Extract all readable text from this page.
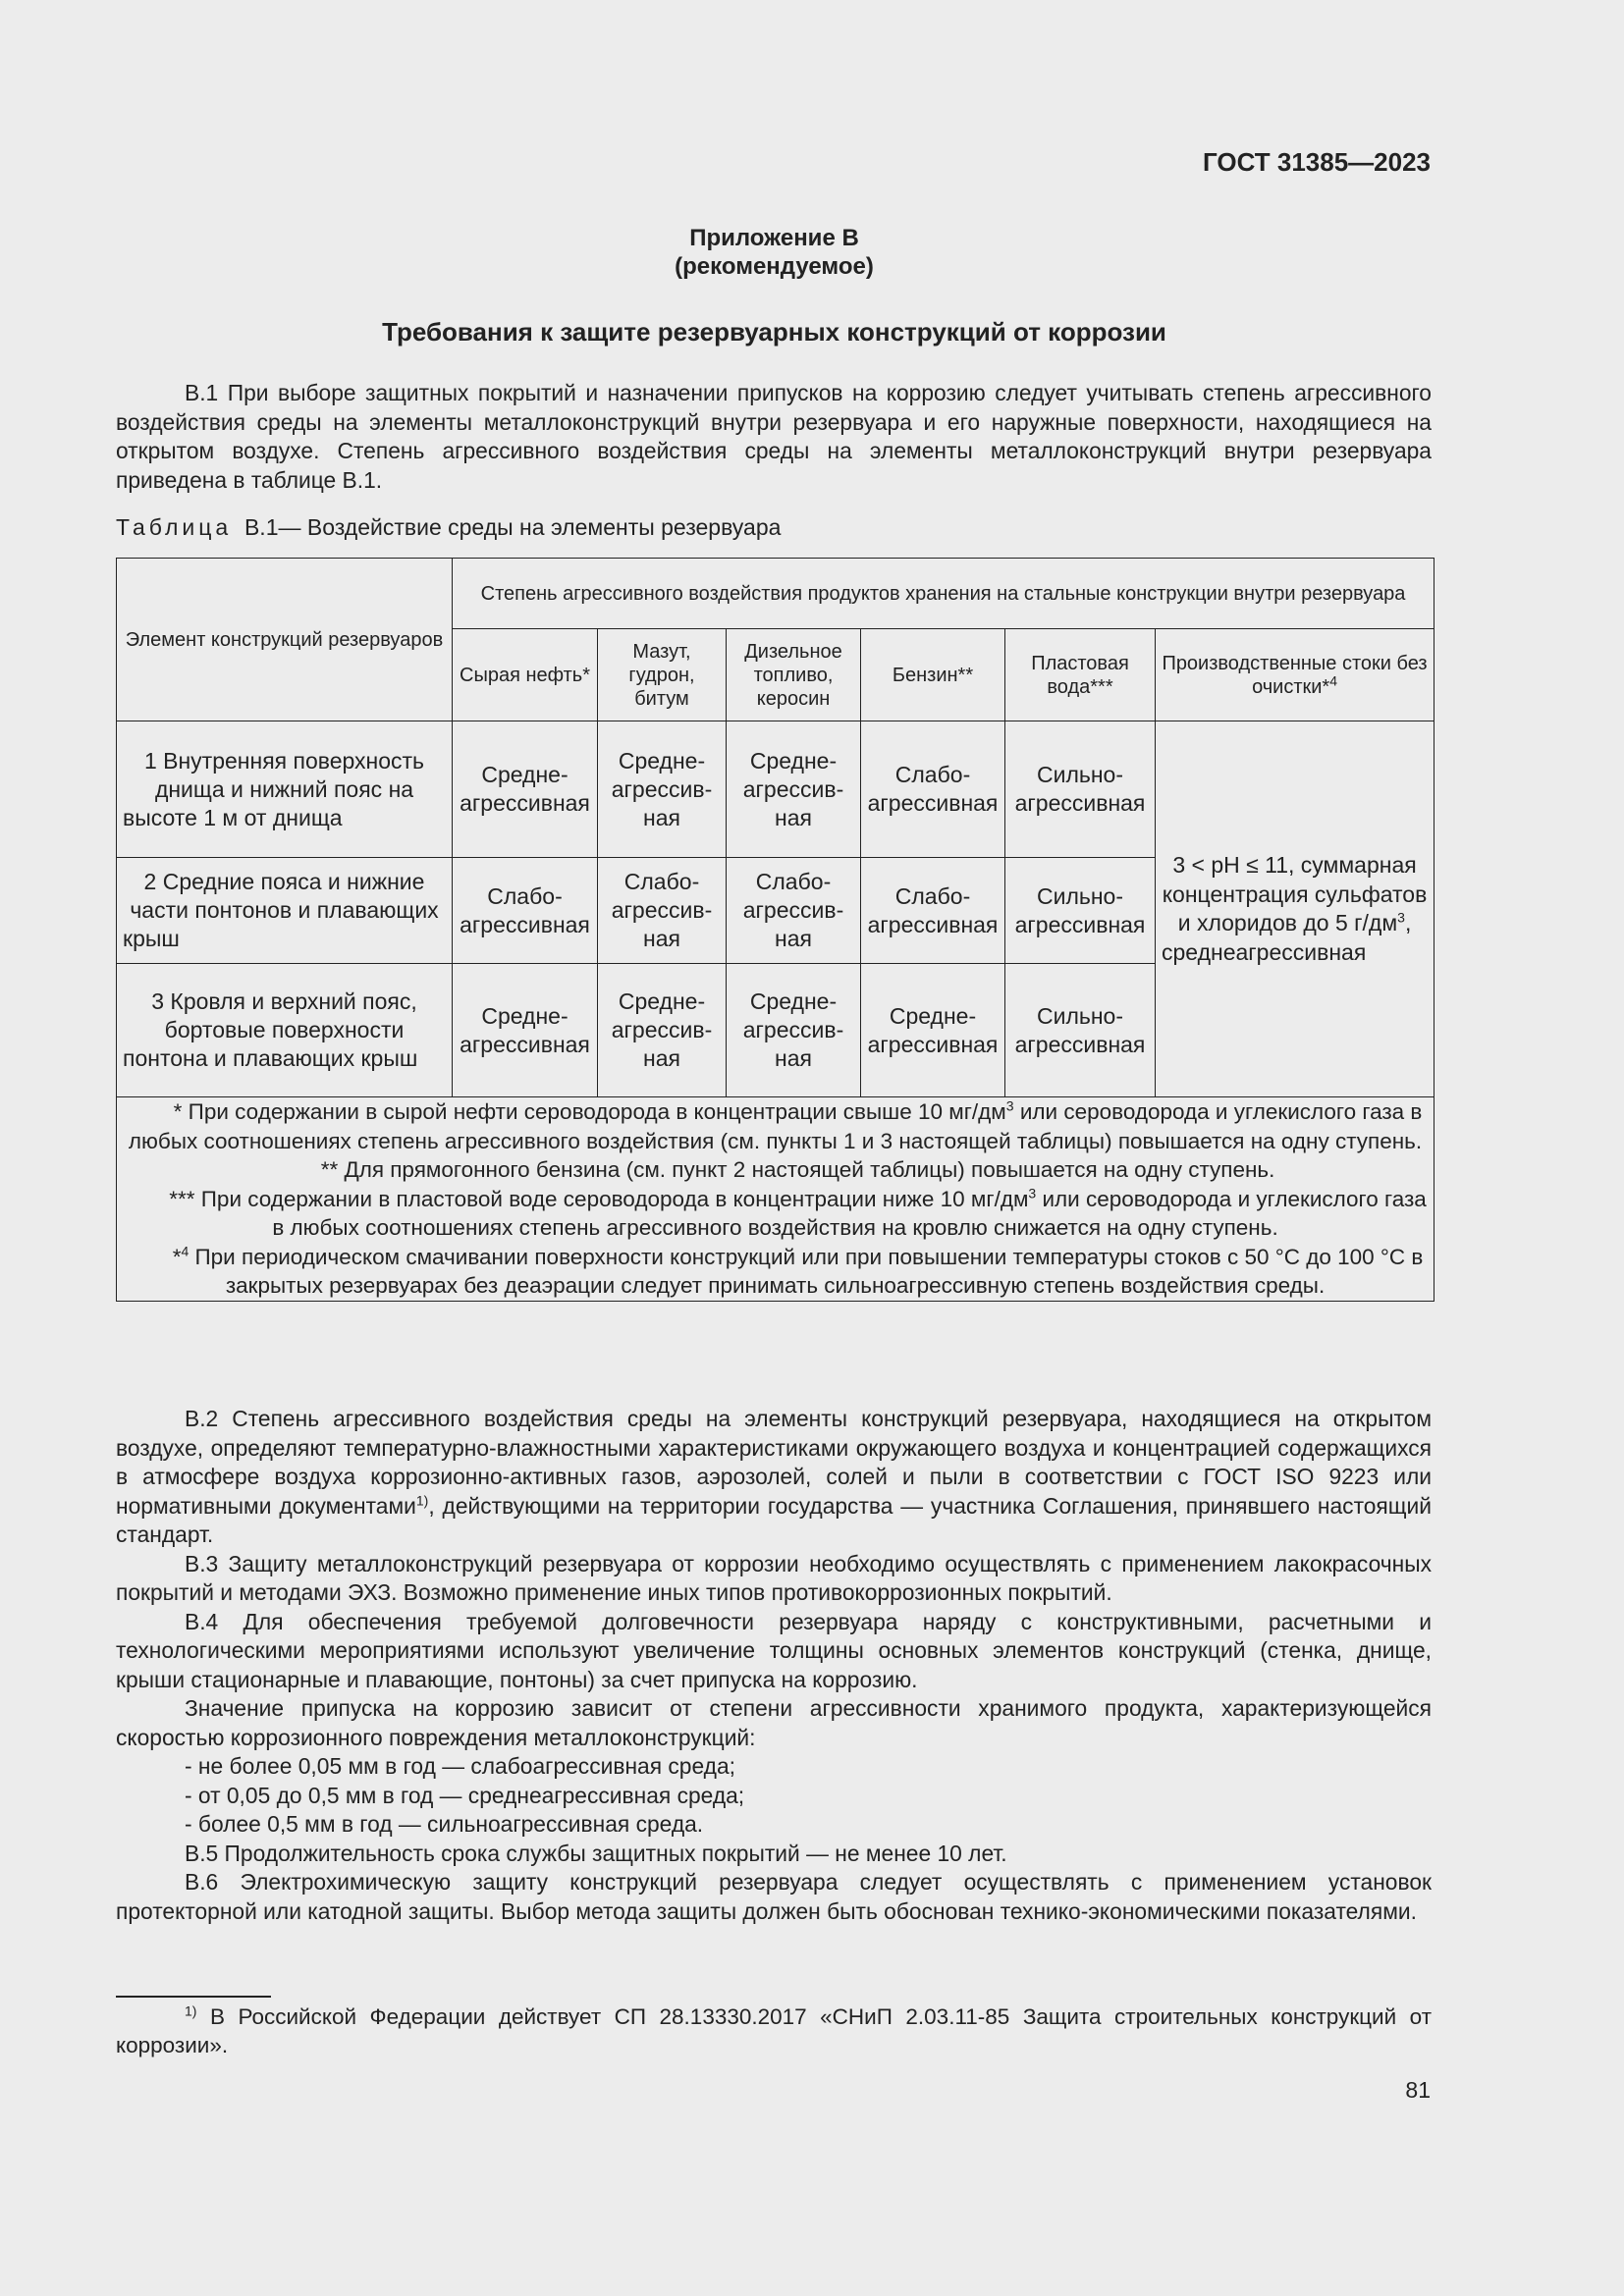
ГОСТ 31385—2023
Приложение В
(рекомендуемое)
Требования к защите резервуарных конструкций от коррозии

В.1 При выборе защитных покрытий и назначении припусков на коррозию следует учитывать степень агрессивного воздействия среды на элементы металлоконструкций внутри резервуара и его наружные поверхности, находящиеся на открытом воздухе. Степень агрессивного воздействия среды на элементы металлоконструкций внутри резервуара приведена в таблице В.1.

Таблица В.1— Воздействие среды на элементы резервуара
Элемент конструкций резервуаров	Степень агрессивного воздействия продуктов хранения на стальные конструкции внутри резервуара					
	Сырая нефть*	Мазут, гудрон, битум	Дизельное топливо, керосин	Бензин**	Пластовая вода***	Производственные стоки без очистки*$^4$
1 Внутренняя поверхность днища и нижний пояс на высоте 1 м от днища	Среднеагрессивная	Среднеагрессивная	Среднеагрессивная	Слабоагрессивная	Сильноагрессивная	3 < pH ≤ 11, суммарная концентрация сульфатов и хлоридов до 5 $г/дм^3$, среднеагрессивная
2 Средние пояса и нижние части понтонов и плавающих крыш	Слабоагрессивная	Слабоагрессивная	Слабоагрессивная	Слабоагрессивная	Сильноагрессивная	
3 Кровля и верхний пояс, бортовые поверхности понтона и плавающих крыш	Среднеагрессивная	Среднеагрессивная	Среднеагрессивная	Среднеагрессивная	Сильноагрессивная	

* При содержании в сырой нефти сероводорода в концентрации свыше 10 $мг/дм^3$ или сероводорода и углекислого газа в любых соотношениях степень агрессивного воздействия (см. пункты 1 и 3 настоящей таблицы) повышается на одну ступень.

** Для прямогонного бензина (см. пункт 2 настоящей таблицы) повышается на одну ступень.

*** При содержании в пластовой воде сероводорода в концентрации ниже 10 $мг/дм^3$ или сероводорода и углекислого газа в любых соотношениях степень агрессивного воздействия на кровлю снижается на одну ступень.

*$^4$ При периодическом смачивании поверхности конструкций или при повышении температуры стоков с 50 °С до 100 °С в закрытых резервуарах без деаэрации следует принимать сильноагрессивную степень воздействия среды.						

В.2 Степень агрессивного воздействия среды на элементы конструкций резервуара, находящиеся на открытом воздухе, определяют температурно-влажностными характеристиками окружающего воздуха и концентрацией содержащихся в атмосфере воздуха коррозионно-активных газов, аэрозолей, солей и пыли в соответствии с ГОСТ ISO 9223 или нормативными документами$^{1)}$, действующими на территории государства — участника Соглашения, принявшего настоящий стандарт.

В.3 Защиту металлоконструкций резервуара от коррозии необходимо осуществлять с применением лакокрасочных покрытий и методами ЭХЗ. Возможно применение иных типов противокоррозионных покрытий.

В.4 Для обеспечения требуемой долговечности резервуара наряду с конструктивными, расчетными и технологическими мероприятиями используют увеличение толщины основных элементов конструкций (стенка, днище, крыши стационарные и плавающие, понтоны) за счет припуска на коррозию.

Значение припуска на коррозию зависит от степени агрессивности хранимого продукта, характеризующейся скоростью коррозионного повреждения металлоконструкций:

- не более 0,05 мм в год — слабоагрессивная среда;
- от 0,05 до 0,5 мм в год — среднеагрессивная среда;
- более 0,5 мм в год — сильноагрессивная среда.

В.5 Продолжительность срока службы защитных покрытий — не менее 10 лет.

В.6 Электрохимическую защиту конструкций резервуара следует осуществлять с применением установок протекторной или катодной защиты. Выбор метода защиты должен быть обоснован технико-экономическими показателями.

$^{1)}$ В Российской Федерации действует СП 28.13330.2017 «СНиП 2.03.11-85 Защита строительных конструкций от коррозии».

81
